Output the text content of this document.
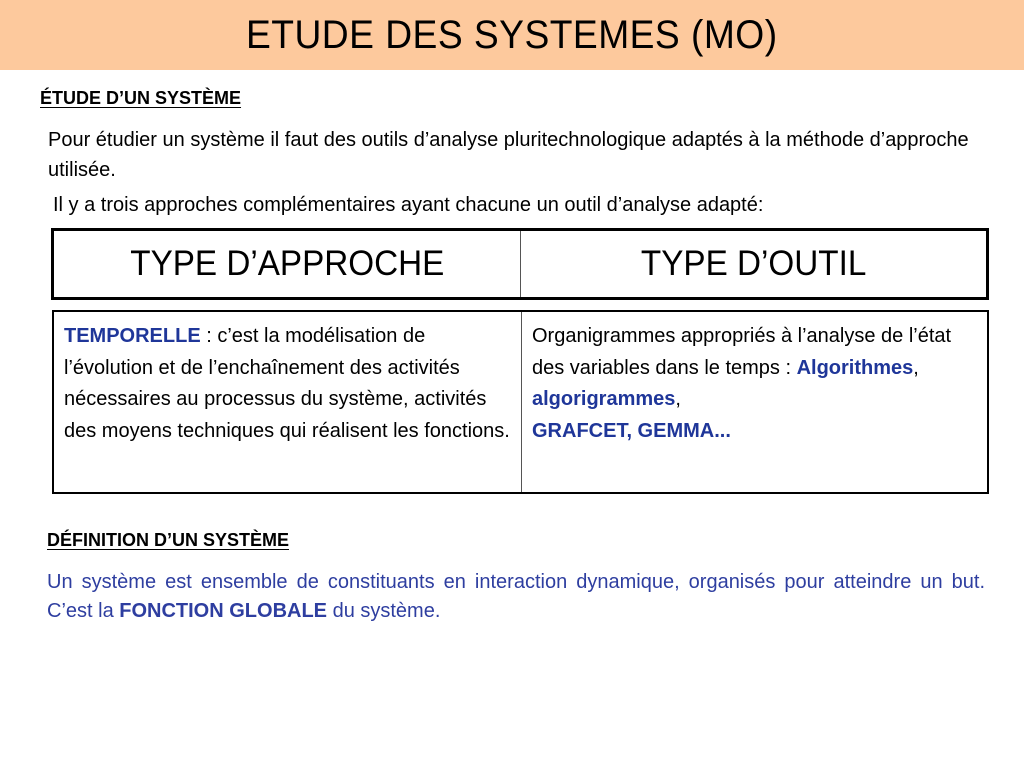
ETUDE DES SYSTEMES (MO)
ÉTUDE D’UN SYSTÈME
Pour étudier un système il faut des outils d’analyse pluritechnologique adaptés à la méthode d’approche utilisée.
Il y a trois approches complémentaires ayant chacune un outil d’analyse adapté:
TYPE D’APPROCHE	TYPE D’OUTIL
TEMPORELLE : c’est la modélisation de l’évolution et de l’enchaînement des activités nécessaires au processus du système, activités des moyens techniques qui réalisent les fonctions.
Organigrammes appropriés à l’analyse de l’état des variables dans le temps : Algorithmes, algorigrammes,
GRAFCET, GEMMA...
DÉFINITION D’UN SYSTÈME
Un système est ensemble de constituants en interaction dynamique, organisés pour atteindre un but. C’est la FONCTION GLOBALE du système.
